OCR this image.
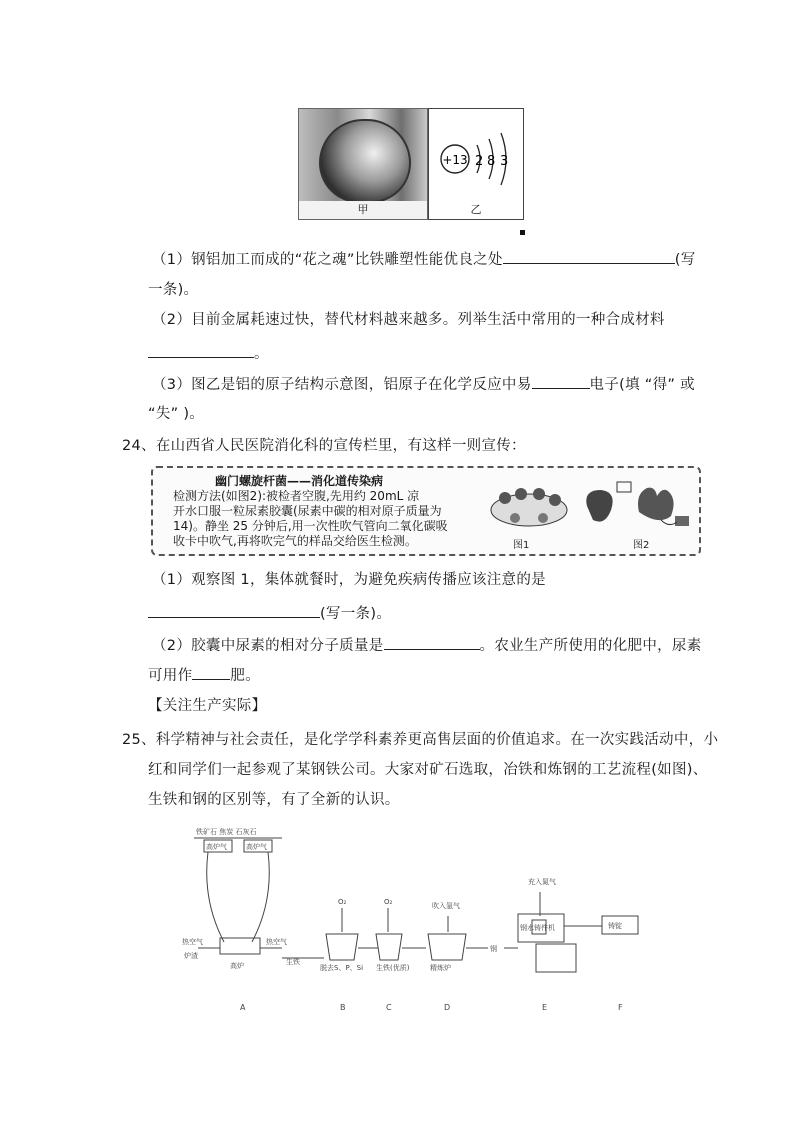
甲
+13 2 8 3
乙
（1）钢铝加工而成的“花之魂”比铁雕塑性能优良之处	(写
一条)。
（2）目前金属耗速过快，替代材料越来越多。列举生活中常用的一种合成材料
。
（3）图乙是铝的原子结构示意图，铝原子在化学反应中易	电子(填 “得” 或
“失” )。
24、在山西省人民医院消化科的宣传栏里，有这样一则宣传：
幽门螺旋杆菌——消化道传染病
检测方法(如图2):被检者空腹,先用约 20mL 凉
开水口服一粒尿素胶囊(尿素中碳的相对原子质量为
14)。静坐 25 分钟后,用一次性吹气管向二氧化碳吸
收卡中吹气,再将吹完气的样品交给医生检测。	图1	图2
（1）观察图 1，集体就餐时，为避免疾病传播应该注意的是
(写一条)。
（2）胶囊中尿素的相对分子质量是	。农业生产所使用的化肥中，尿素
可用作	肥。
【关注生产实际】
25、科学精神与社会责任，是化学学科素养更高售层面的价值追求。在一次实践活动中，小
红和同学们一起参观了某钢铁公司。大家对矿石选取，冶铁和炼钢的工艺流程(如图)、
生铁和钢的区别等，有了全新的认识。
铁矿石 焦炭 石灰石
高炉气	高炉气
热空气	热空气
炉渣
生铁
高炉
O₂	O₂	吹入氩气
充入氮气
脱去S、P、Si 生铁(优质)	精炼炉
钢
钢水铸件机	铸锭
A	B	C	D	E	F
